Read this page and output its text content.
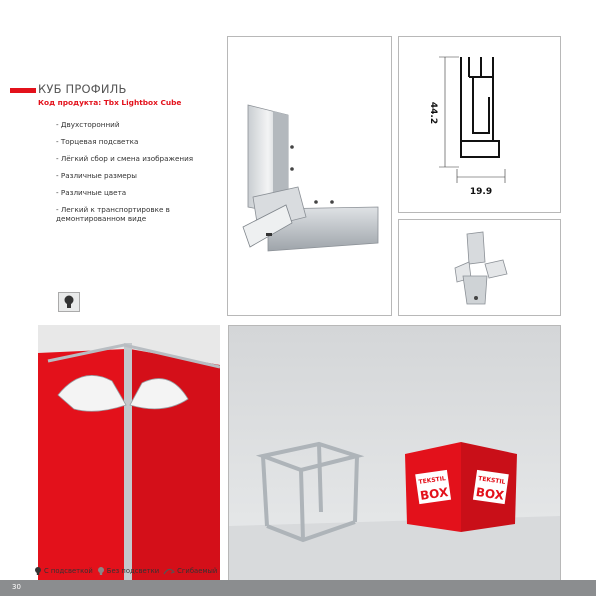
КУБ ПРОФИЛЬ
Код продукта: Tbx Lightbox Cube
- Двухсторонний
- Торцевая подсветка
- Лёгкий сбор и смена изображения
- Различные размеры
- Различные цвета
- Легкий к транспортировке в демонтированном виде
44.2
19.9
TEKSTIL
BOX
TEKSTIL
BOX
С подсветкой Без подсветки	Сгибаемый
30
